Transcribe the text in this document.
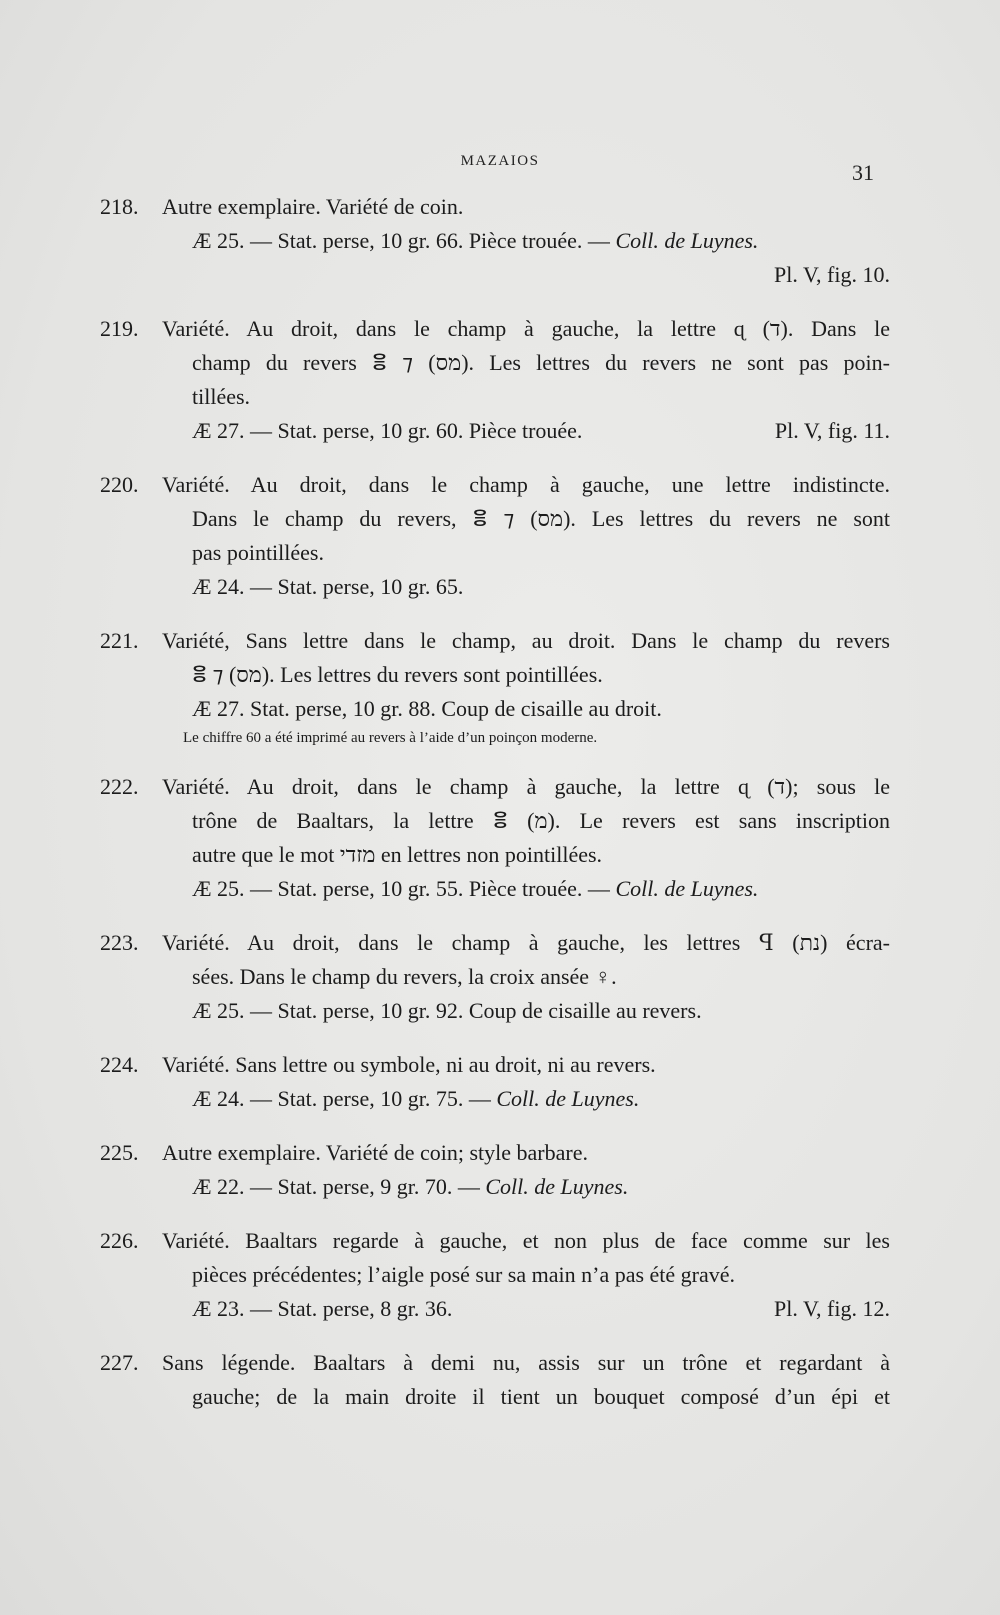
MAZAIOS	31
218. Autre exemplaire. Variété de coin.
Æ 25. — Stat. perse, 10 gr. 66. Pièce trouée. — Coll. de Luynes.
Pl. V, fig. 10.
219. Variété. Au droit, dans le champ à gauche, la lettre ɋ (ד). Dans le
champ du revers ⴻ ⁊ (מס). Les lettres du revers ne sont pas poin-
tillées.
Æ 27. — Stat. perse, 10 gr. 60. Pièce trouée.	Pl. V, fig. 11.
220. Variété. Au droit, dans le champ à gauche, une lettre indistincte.
Dans le champ du revers, ⴻ ⁊ (מס). Les lettres du revers ne sont
pas pointillées.
Æ 24. — Stat. perse, 10 gr. 65.
221. Variété, Sans lettre dans le champ, au droit. Dans le champ du revers
ⴻ ⁊ (מס). Les lettres du revers sont pointillées.
Æ 27. Stat. perse, 10 gr. 88. Coup de cisaille au droit.
Le chiffre 60 a été imprimé au revers à l’aide d’un poinçon moderne.
222. Variété. Au droit, dans le champ à gauche, la lettre ɋ (ד); sous le
trône de Baaltars, la lettre ⴻ (מ). Le revers est sans inscription
autre que le mot מזדי en lettres non pointillées.
Æ 25. — Stat. perse, 10 gr. 55. Pièce trouée. — Coll. de Luynes.
223. Variété. Au droit, dans le champ à gauche, les lettres ꟼ (נת) écra-
sées. Dans le champ du revers, la croix ansée ♀.
Æ 25. — Stat. perse, 10 gr. 92. Coup de cisaille au revers.
224. Variété. Sans lettre ou symbole, ni au droit, ni au revers.
Æ 24. — Stat. perse, 10 gr. 75. — Coll. de Luynes.
225. Autre exemplaire. Variété de coin; style barbare.
Æ 22. — Stat. perse, 9 gr. 70. — Coll. de Luynes.
226. Variété. Baaltars regarde à gauche, et non plus de face comme sur les
pièces précédentes; l’aigle posé sur sa main n’a pas été gravé.
Æ 23. — Stat. perse, 8 gr. 36.	Pl. V, fig. 12.
227. Sans légende. Baaltars à demi nu, assis sur un trône et regardant à
gauche; de la main droite il tient un bouquet composé d’un épi et
